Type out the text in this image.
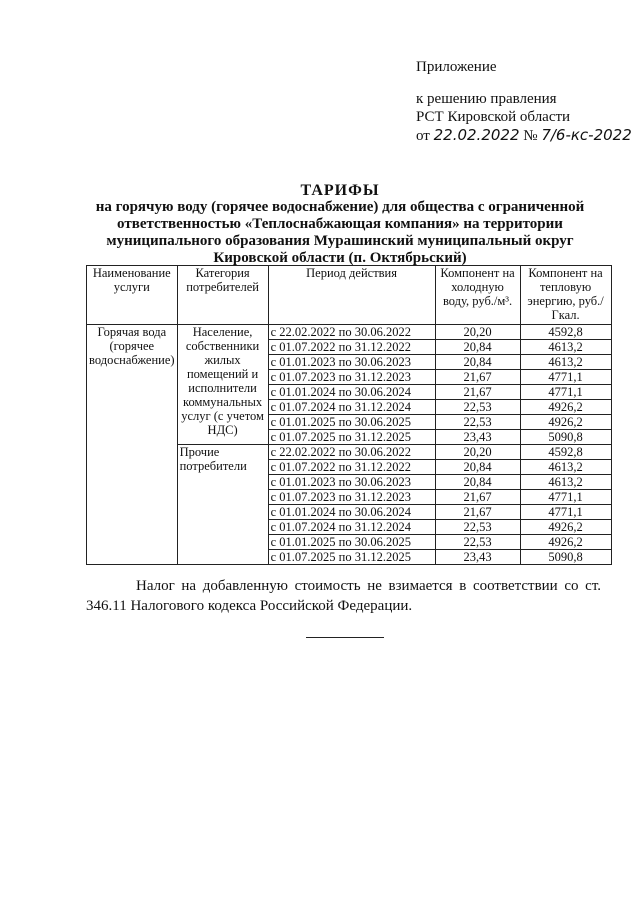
Приложение
к решению правления
РСТ Кировской области
от 22.02.2022 № 7/6-кс-2022
ТАРИФЫ
на горячую воду (горячее водоснабжение) для общества с ограниченной
ответственностью «Теплоснабжающая компания» на территории
муниципального образования Мурашинский муниципальный округ
Кировской области (п. Октябрьский)
Наименование услуги	Категория потребителей	Период действия	Компонент на холодную воду, руб./м³.	Компонент на тепловую энергию, руб./Гкал.
Горячая вода (горячее водоснабжение)	Население, собственники жилых помещений и исполнители коммунальных услуг (с учетом НДС)	с 22.02.2022 по 30.06.2022	20,20	4592,8
		с 01.07.2022 по 31.12.2022	20,84	4613,2
		с 01.01.2023 по 30.06.2023	20,84	4613,2
		с 01.07.2023 по 31.12.2023	21,67	4771,1
		с 01.01.2024 по 30.06.2024	21,67	4771,1
		с 01.07.2024 по 31.12.2024	22,53	4926,2
		с 01.01.2025 по 30.06.2025	22,53	4926,2
		с 01.07.2025 по 31.12.2025	23,43	5090,8
	Прочие потребители	с 22.02.2022 по 30.06.2022	20,20	4592,8
		с 01.07.2022 по 31.12.2022	20,84	4613,2
		с 01.01.2023 по 30.06.2023	20,84	4613,2
		с 01.07.2023 по 31.12.2023	21,67	4771,1
		с 01.01.2024 по 30.06.2024	21,67	4771,1
		с 01.07.2024 по 31.12.2024	22,53	4926,2
		с 01.01.2025 по 30.06.2025	22,53	4926,2
		с 01.07.2025 по 31.12.2025	23,43	5090,8
Налог на добавленную стоимость не взимается в соответствии со ст. 346.11 Налогового кодекса Российской Федерации.
